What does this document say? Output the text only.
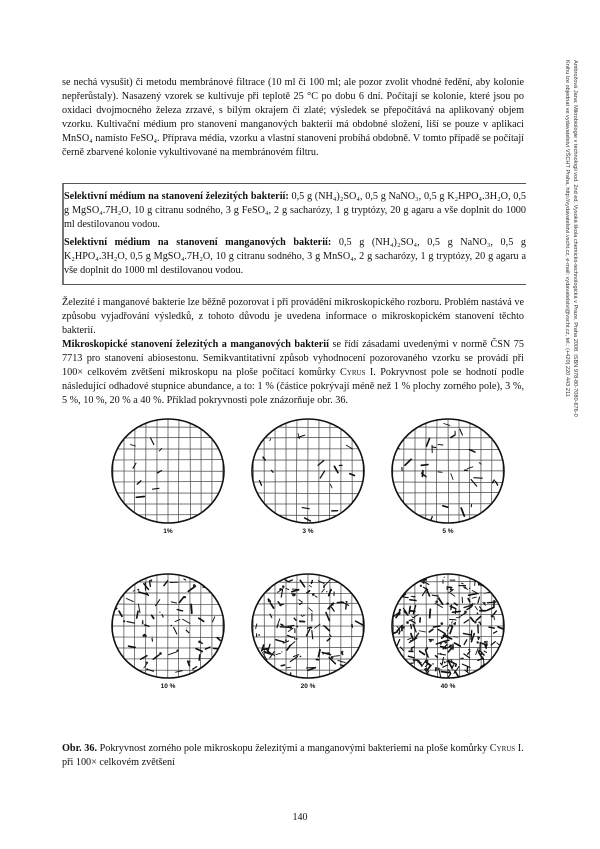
se nechá vysušit) či metodu membránové filtrace (10 ml či 100 ml; ale pozor zvolit vhodné ředění, aby kolonie nepřerůstaly). Nasazený vzorek se kultivuje při teplotě 25 °C po dobu 6 dní. Počítají se kolonie, které jsou po oxidaci dvojmocného železa zrzavé, s bílým okrajem či zlaté; výsledek se přepočítává na aplikovaný objem vzorku. Kultivační médium pro stanovení manganových bakterií má obdobné složení, liší se pouze v aplikaci MnSO₄ namísto FeSO₄. Příprava média, vzorku a vlastní stanovení probíhá obdobně. V tomto případě se počítají černě zbarvené kolonie vykultivované na membránovém filtru.

Selektivní médium na stanovení železitých bakterií: 0,5 g (NH₄)₂SO₄, 0,5 g NaNO₃, 0,5 g K₂HPO₄.3H₂O, 0,5 g MgSO₄.7H₂O, 10 g citranu sodného, 3 g FeSO₄, 2 g sacharózy, 1 g tryptózy, 20 g agaru a vše doplnit do 1000 ml destilovanou vodou.

Selektivní médium na stanovení manganových bakterií: 0,5 g (NH₄)₂SO₄, 0,5 g NaNO₃, 0,5 g K₂HPO₄.3H₂O, 0,5 g MgSO₄.7H₂O, 10 g citranu sodného, 3 g MnSO₄, 2 g sacharózy, 1 g tryptózy, 20 g agaru a vše doplnit do 1000 ml destilovanou vodou.

Železité i manganové bakterie lze běžně pozorovat i při provádění mikroskopického rozboru. Problém nastává ve způsobu vyjadřování výsledků, z tohoto důvodu je uvedena informace o mikroskopickém stanovení těchto bakterií.

Mikroskopické stanovení železitých a manganových bakterií se řídí zásadami uvedenými v normě ČSN 75 7713 pro stanovení abiosestonu. Semikvantitativní způsob vyhodnocení pozorovaného vzorku se provádí při 100× celkovém zvětšení mikroskopu na ploše počítací komůrky Cyrus I. Pokryvnost pole se hodnotí podle následující odhadové stupnice abundance, a to: 1 % (částice pokrývají méně než 1 % plochy zorného pole), 3 %, 5 %, 10 %, 20 % a 40 %. Příklad pokryvnosti pole znázorňuje obr. 36.

1%	3 %	5 %
10 %	20 %	40 %
Obr. 36. Pokryvnost zorného pole mikroskopu železitými a manganovými bakteriemi na ploše komůrky Cyrus I. při 100× celkovém zvětšení
140
Ambrožová Jana: Mikrobiologie v technologii vod. 2nd ed. Vysoká škola chemicko-technologická v Praze, Praha 2008. ISBN 978-80-7080-676-0
Knihu lze objednat ve vydavatelství VŠCHT Praha, http://vydavatelstvi.vscht.cz, e-mail: vydavatelstvi@vscht.cz, tel.: (+420) 220 443 211
